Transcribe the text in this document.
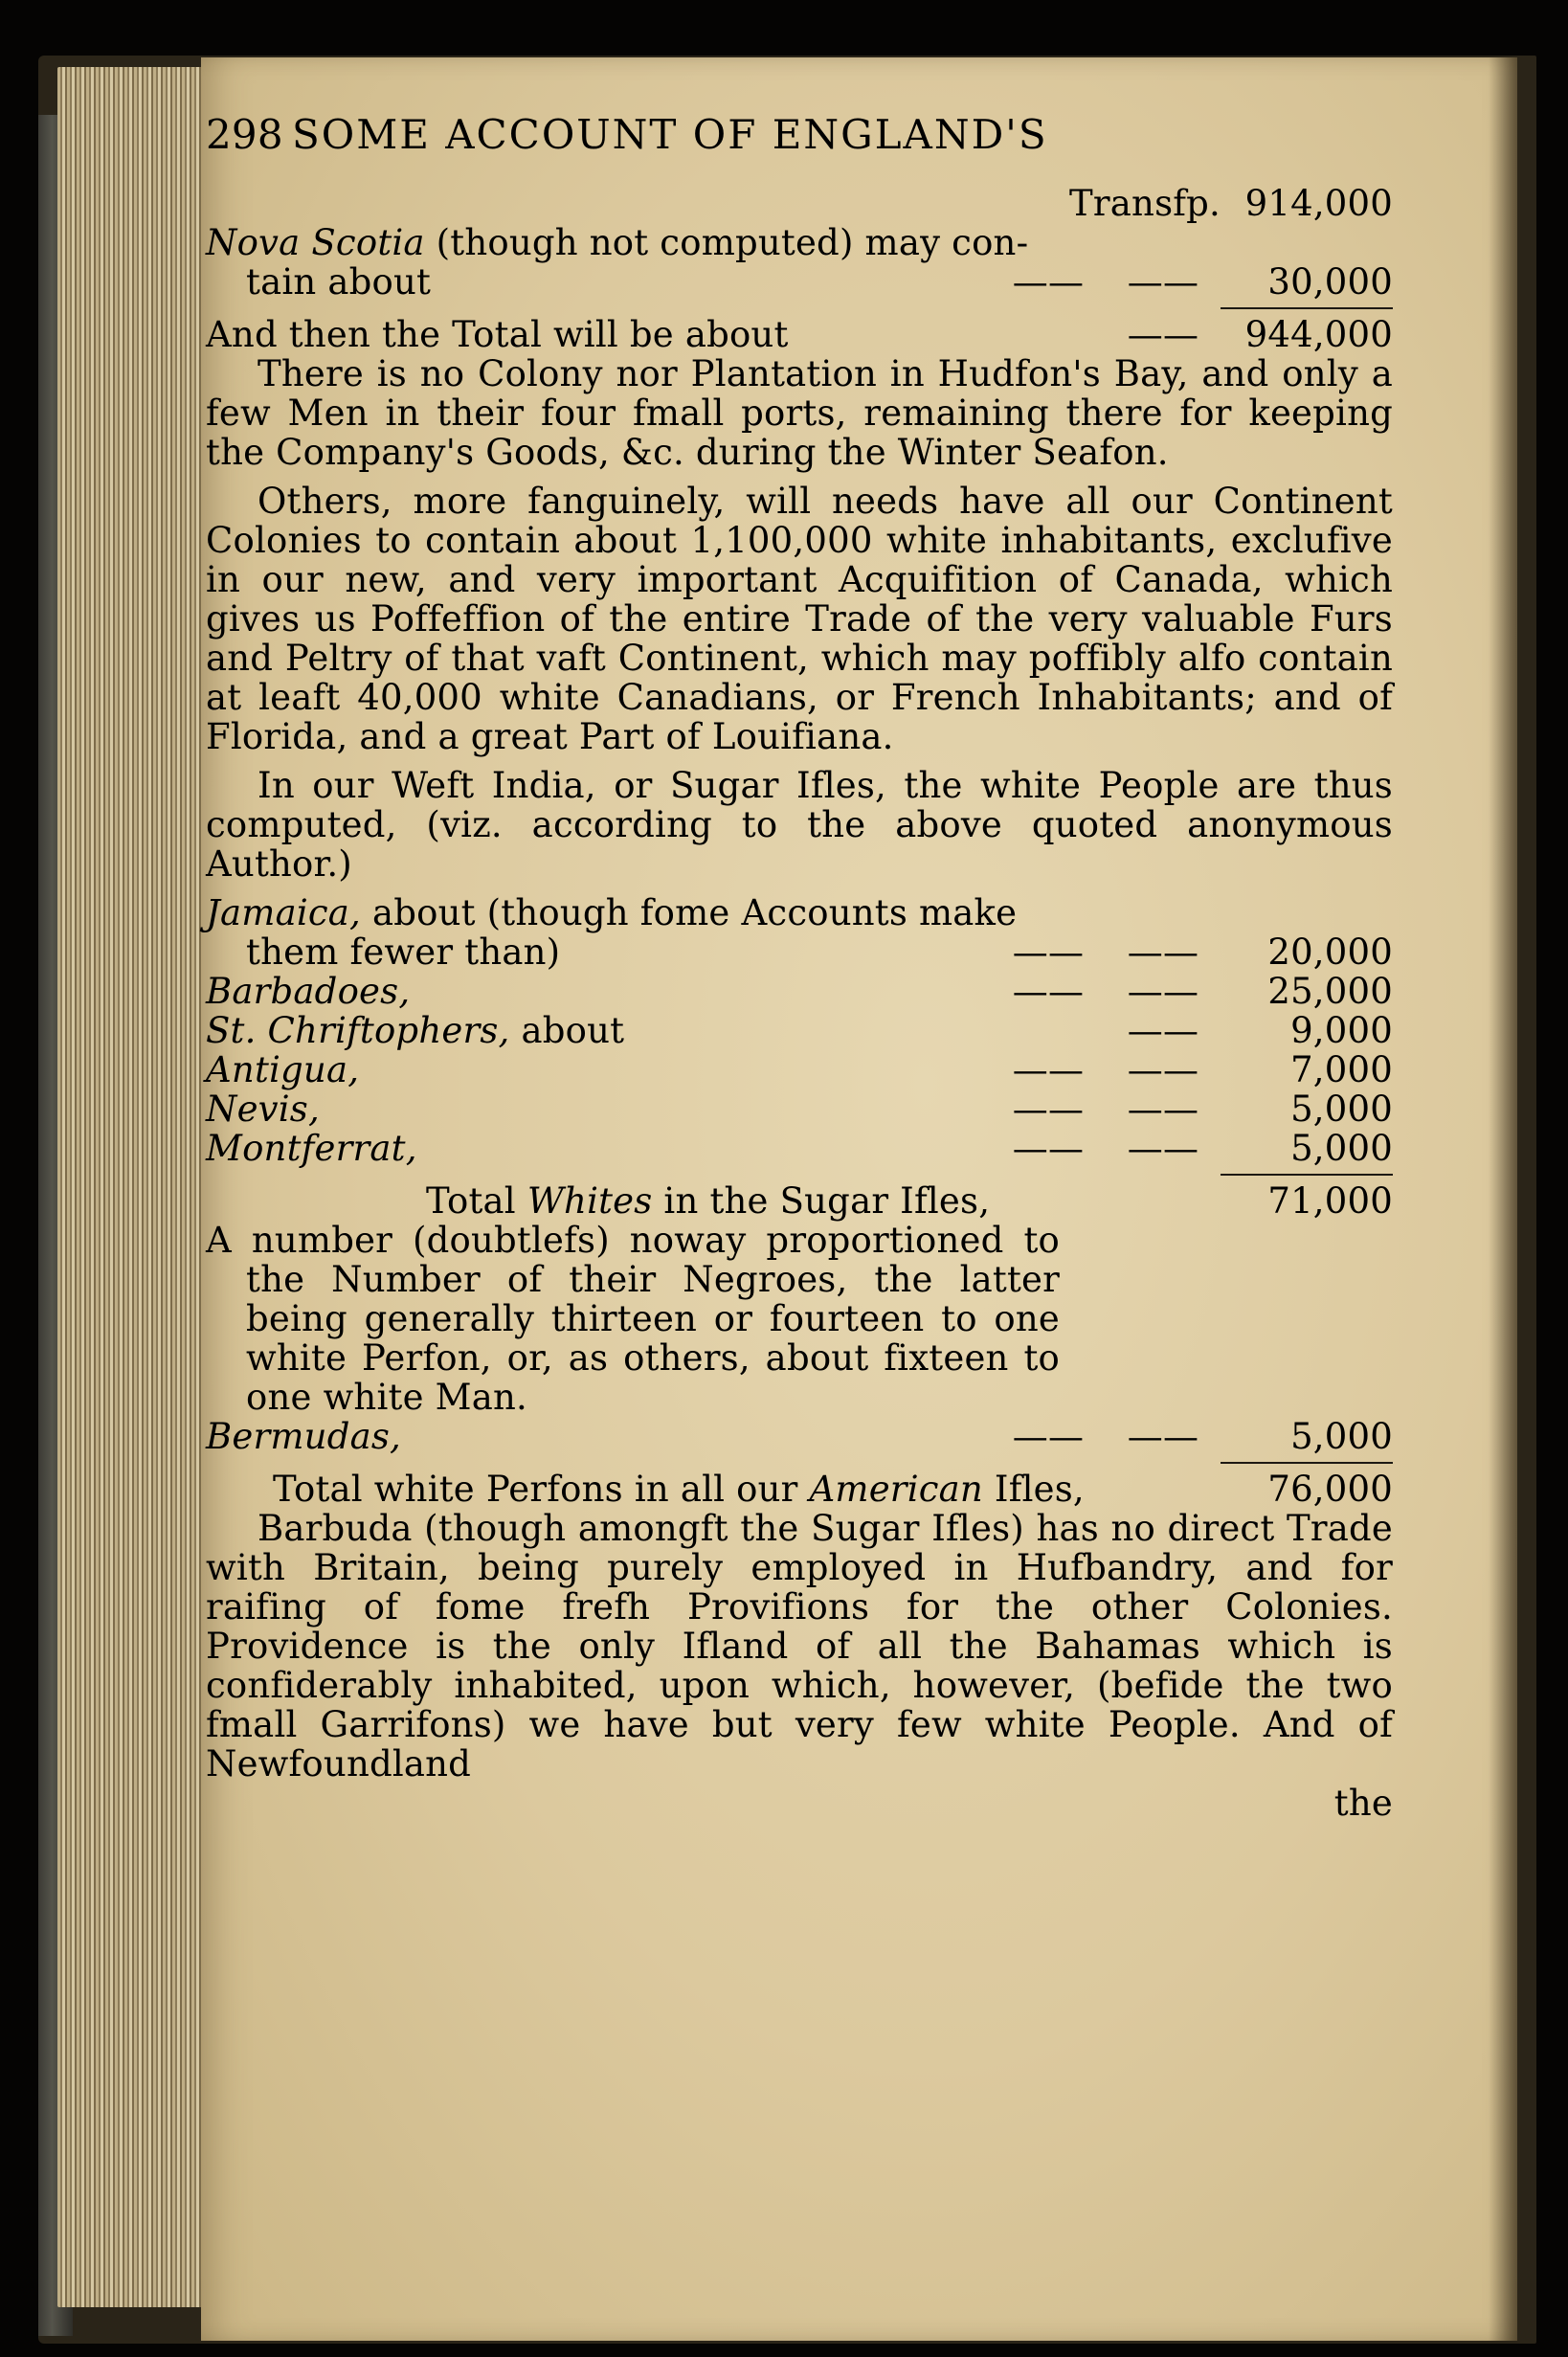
298 SOME ACCOUNT OF ENGLAND'S
Transfp. 914,000
Nova Scotia (though not computed) may con-
tain about	——	——	30,000
And then the Total will be about	——	944,000

There is no Colony nor Plantation in Hudfon's Bay, and only a few Men in their four fmall ports, remaining there for keeping the Company's Goods, &c. during the Winter Seafon.

Others, more fanguinely, will needs have all our Continent Colonies to contain about 1,100,000 white inhabitants, exclufive in our new, and very important Acquifition of Canada, which gives us Poffeffion of the entire Trade of the very valuable Furs and Peltry of that vaft Continent, which may poffibly alfo contain at leaft 40,000 white Canadians, or French Inhabitants; and of Florida, and a great Part of Louifiana.

In our Weft India, or Sugar Ifles, the white People are thus computed, (viz. according to the above quoted anonymous Author.)

Jamaica, about (though fome Accounts make
them fewer than)	——	——	20,000
Barbadoes,	——	——	25,000
St. Chriftophers, about	——	9,000
Antigua,	——	——	7,000
Nevis,	——	——	5,000
Montferrat,	——	——	5,000
Total Whites in the Sugar Ifles,	71,000

A number (doubtlefs) noway proportioned to the Number of their Negroes, the latter being generally thirteen or fourteen to one white Perfon, or, as others, about fixteen to one white Man.

Bermudas,	——	——	5,000
Total white Perfons in all our American Ifles,	76,000

Barbuda (though amongft the Sugar Ifles) has no direct Trade with Britain, being purely employed in Hufbandry, and for raifing of fome frefh Provifions for the other Colonies. Providence is the only Ifland of all the Bahamas which is confiderably inhabited, upon which, however, (befide the two fmall Garrifons) we have but very few white People. And of Newfoundland

the
